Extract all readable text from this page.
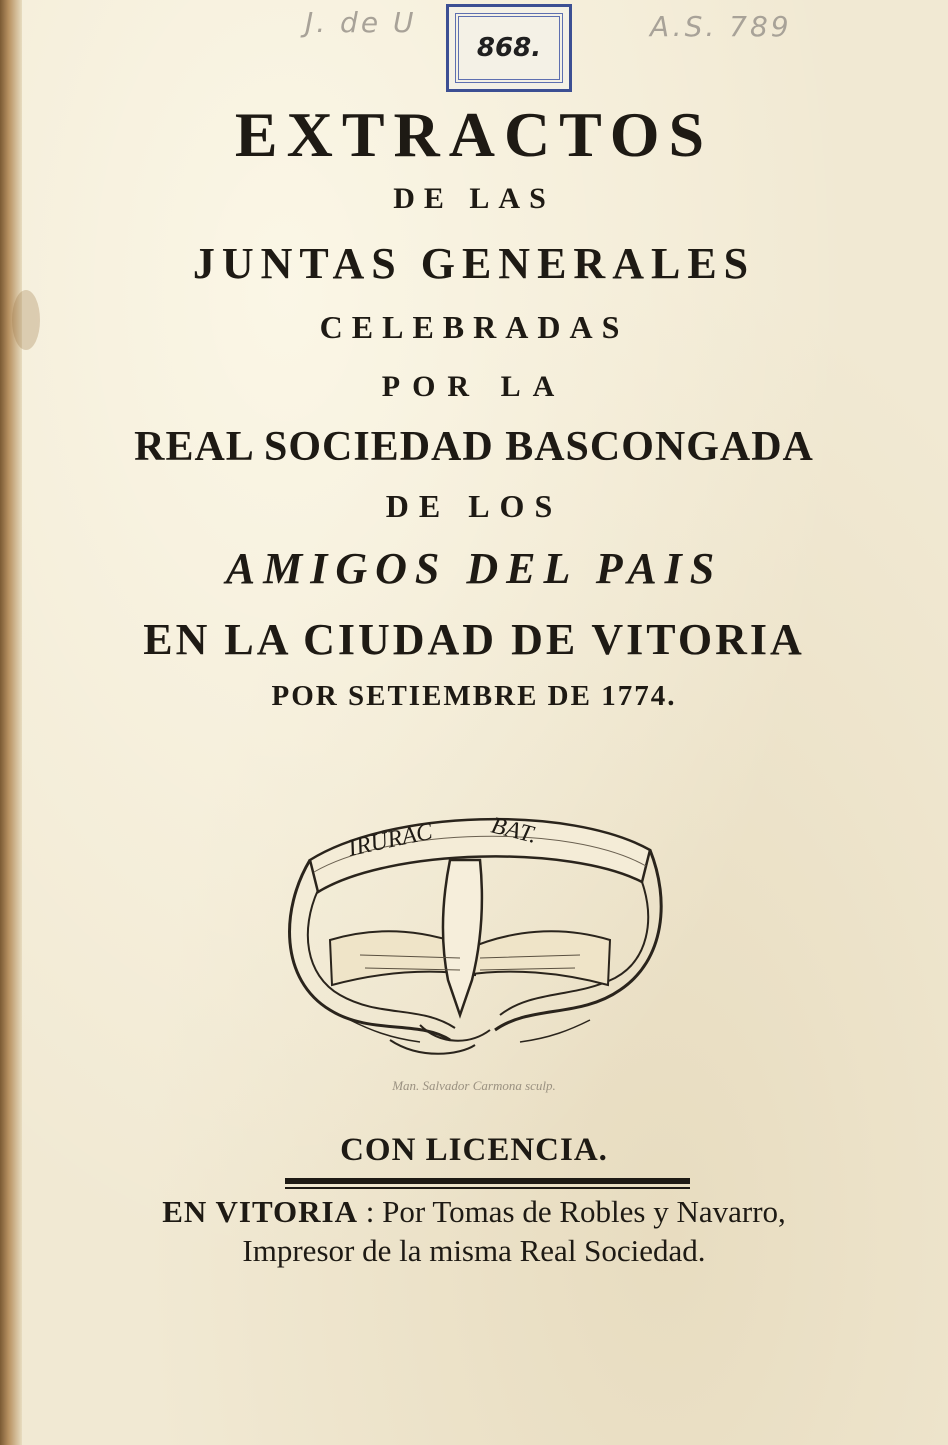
J. de U	A.S. 789
868.
EXTRACTOS
DE LAS
JUNTAS GENERALES
CELEBRADAS
POR LA
REAL SOCIEDAD BASCONGADA
DE LOS
AMIGOS DEL PAIS
EN LA CIUDAD DE VITORIA
POR SETIEMBRE DE 1774.
IRURAC BAT.
Man. Salvador Carmona sculp.
CON LICENCIA.
EN VITORIA : Por Tomas de Robles y Navarro,
Impresor de la misma Real Sociedad.
